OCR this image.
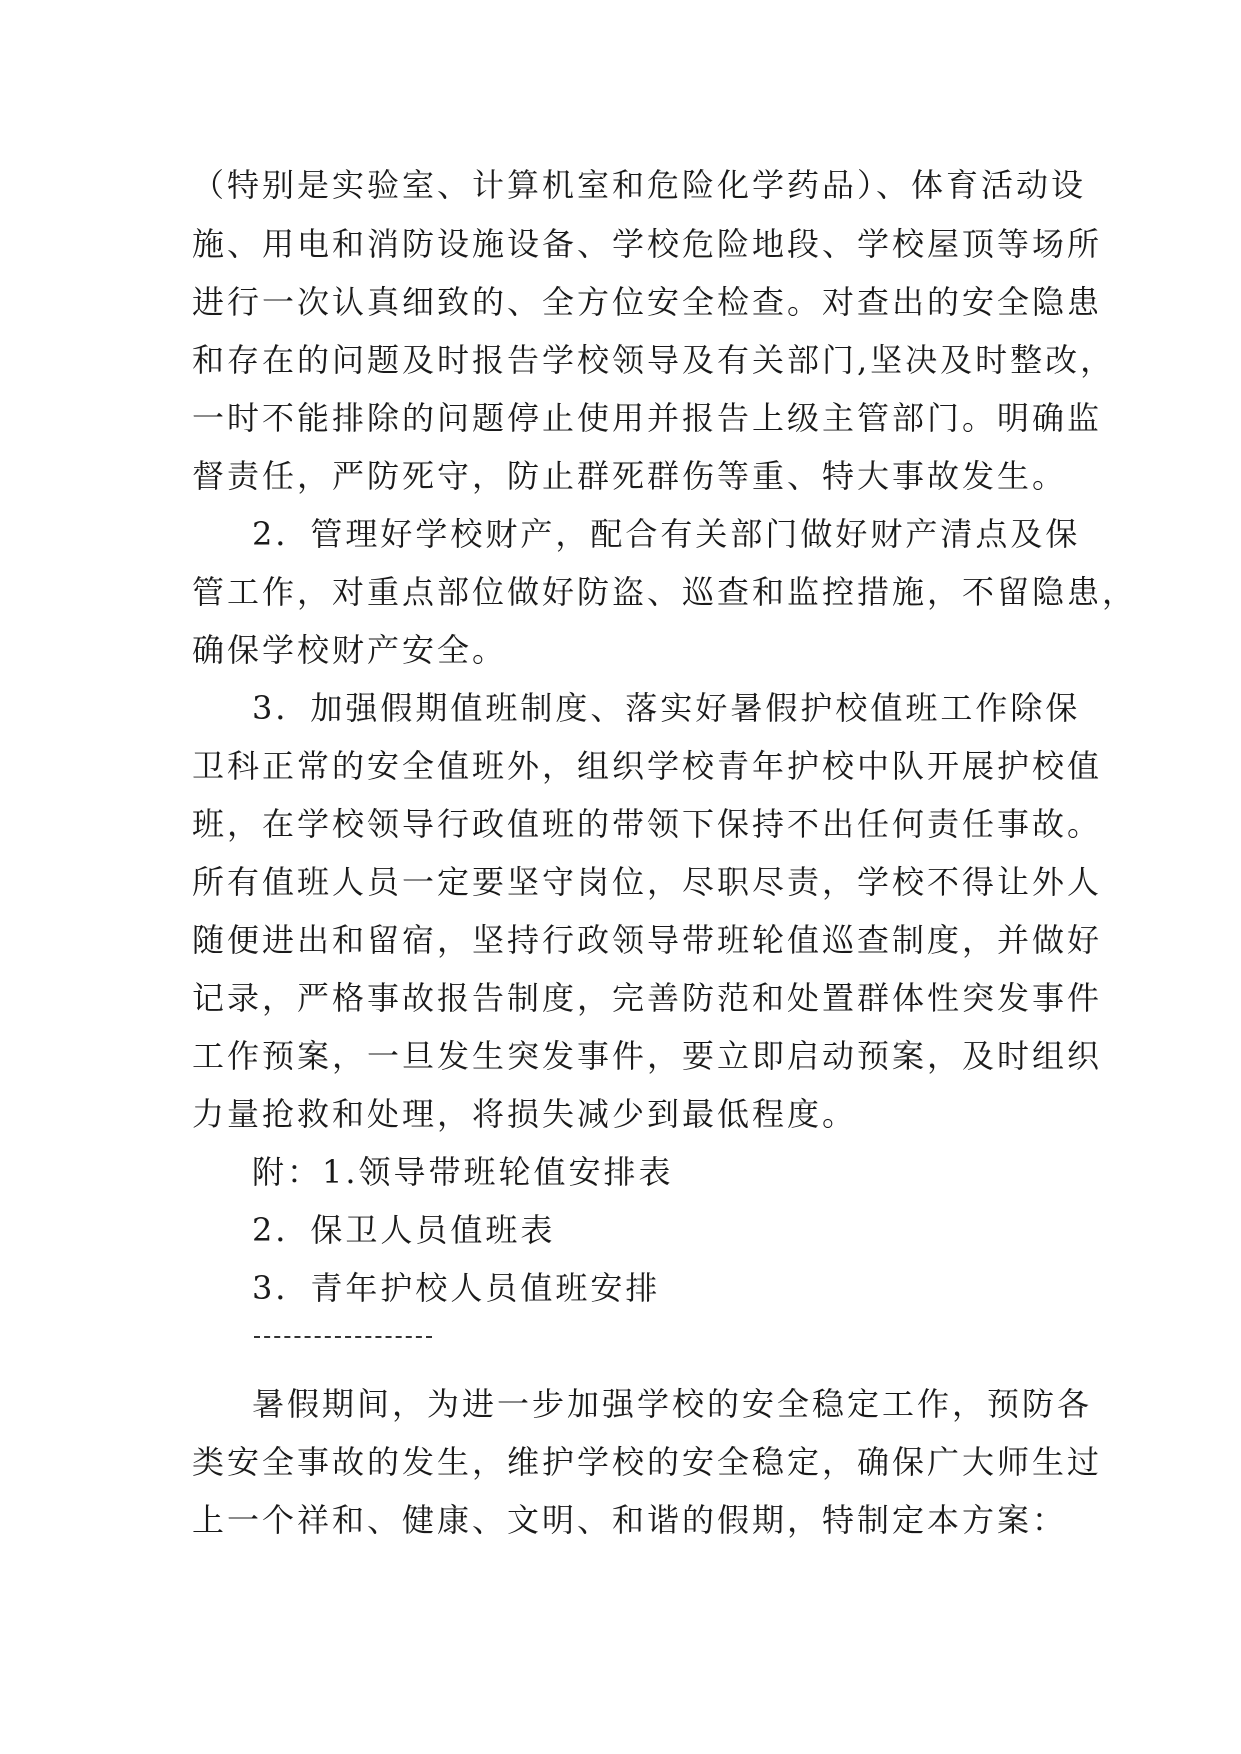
（特别是实验室、计算机室和危险化学药品）、体育活动设
施、用电和消防设施设备、学校危险地段、学校屋顶等场所
进行一次认真细致的、全方位安全检查。对查出的安全隐患
和存在的问题及时报告学校领导及有关部门,坚决及时整改，
一时不能排除的问题停止使用并报告上级主管部门。明确监
督责任，严防死守，防止群死群伤等重、特大事故发生。
2．管理好学校财产，配合有关部门做好财产清点及保
管工作，对重点部位做好防盗、巡查和监控措施，不留隐患，
确保学校财产安全。
3．加强假期值班制度、落实好暑假护校值班工作除保
卫科正常的安全值班外，组织学校青年护校中队开展护校值
班，在学校领导行政值班的带领下保持不出任何责任事故。
所有值班人员一定要坚守岗位，尽职尽责，学校不得让外人
随便进出和留宿，坚持行政领导带班轮值巡查制度，并做好
记录，严格事故报告制度，完善防范和处置群体性突发事件
工作预案，一旦发生突发事件，要立即启动预案，及时组织
力量抢救和处理，将损失减少到最低程度。
附：1.领导带班轮值安排表
2．保卫人员值班表
3．青年护校人员值班安排
暑假期间，为进一步加强学校的安全稳定工作，预防各
类安全事故的发生，维护学校的安全稳定，确保广大师生过
上一个祥和、健康、文明、和谐的假期，特制定本方案：
